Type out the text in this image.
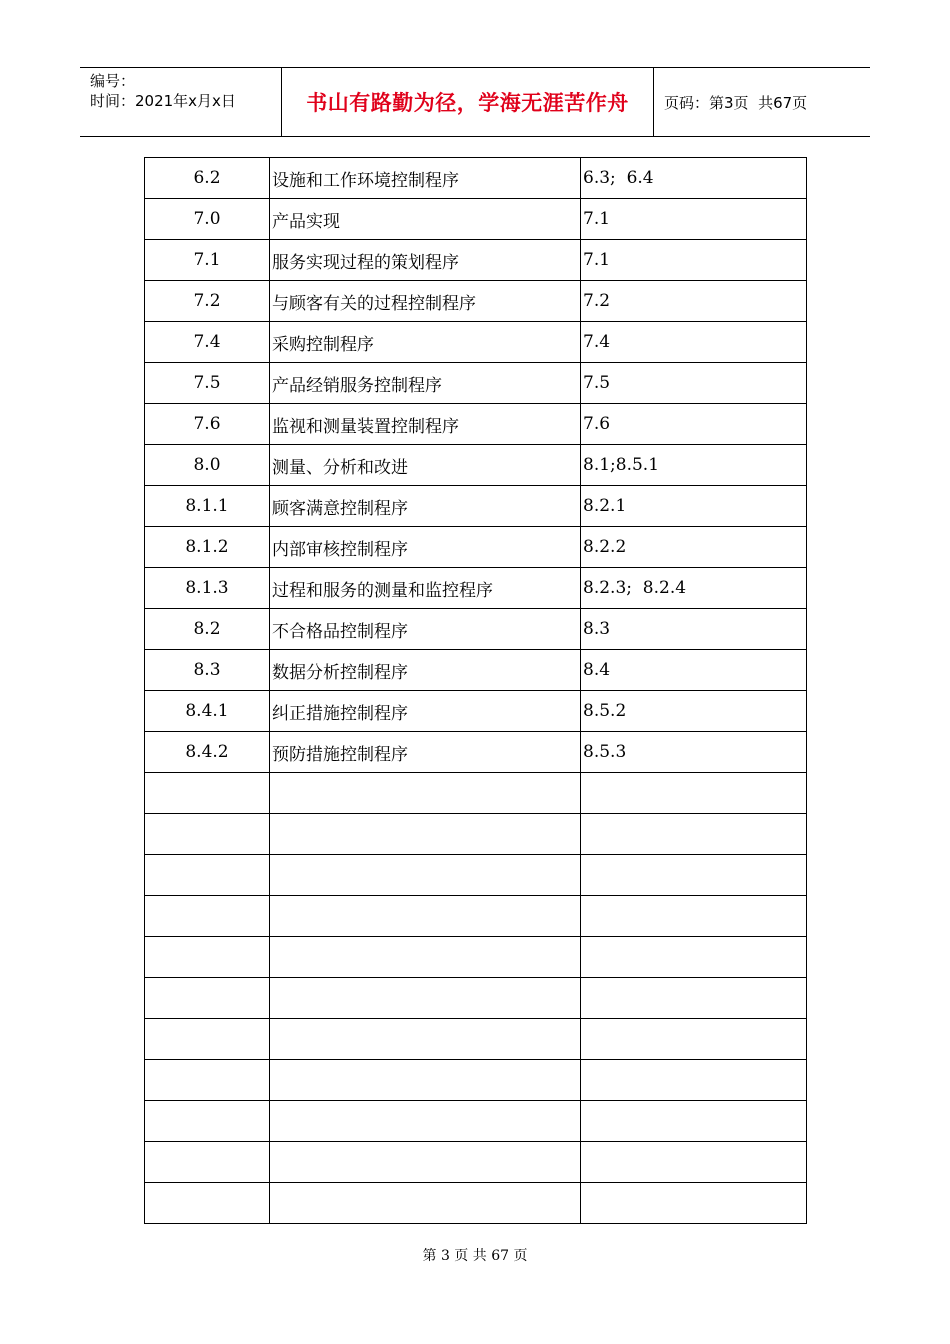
编号：
时间：2021年x月x日	书山有路勤为径，学海无涯苦作舟	页码：第3页  共67页
6.2	设施和工作环境控制程序	6.3;  6.4
7.0	产品实现	7.1
7.1	服务实现过程的策划程序	7.1
7.2	与顾客有关的过程控制程序	7.2
7.4	采购控制程序	7.4
7.5	产品经销服务控制程序	7.5
7.6	监视和测量装置控制程序	7.6
8.0	测量、分析和改进	8.1;8.5.1
8.1.1	顾客满意控制程序	8.2.1
8.1.2	内部审核控制程序	8.2.2
8.1.3	过程和服务的测量和监控程序	8.2.3;  8.2.4
8.2	不合格品控制程序	8.3
8.3	数据分析控制程序	8.4
8.4.1	纠正措施控制程序	8.5.2
8.4.2	预防措施控制程序	8.5.3

第 3 页 共 67 页
